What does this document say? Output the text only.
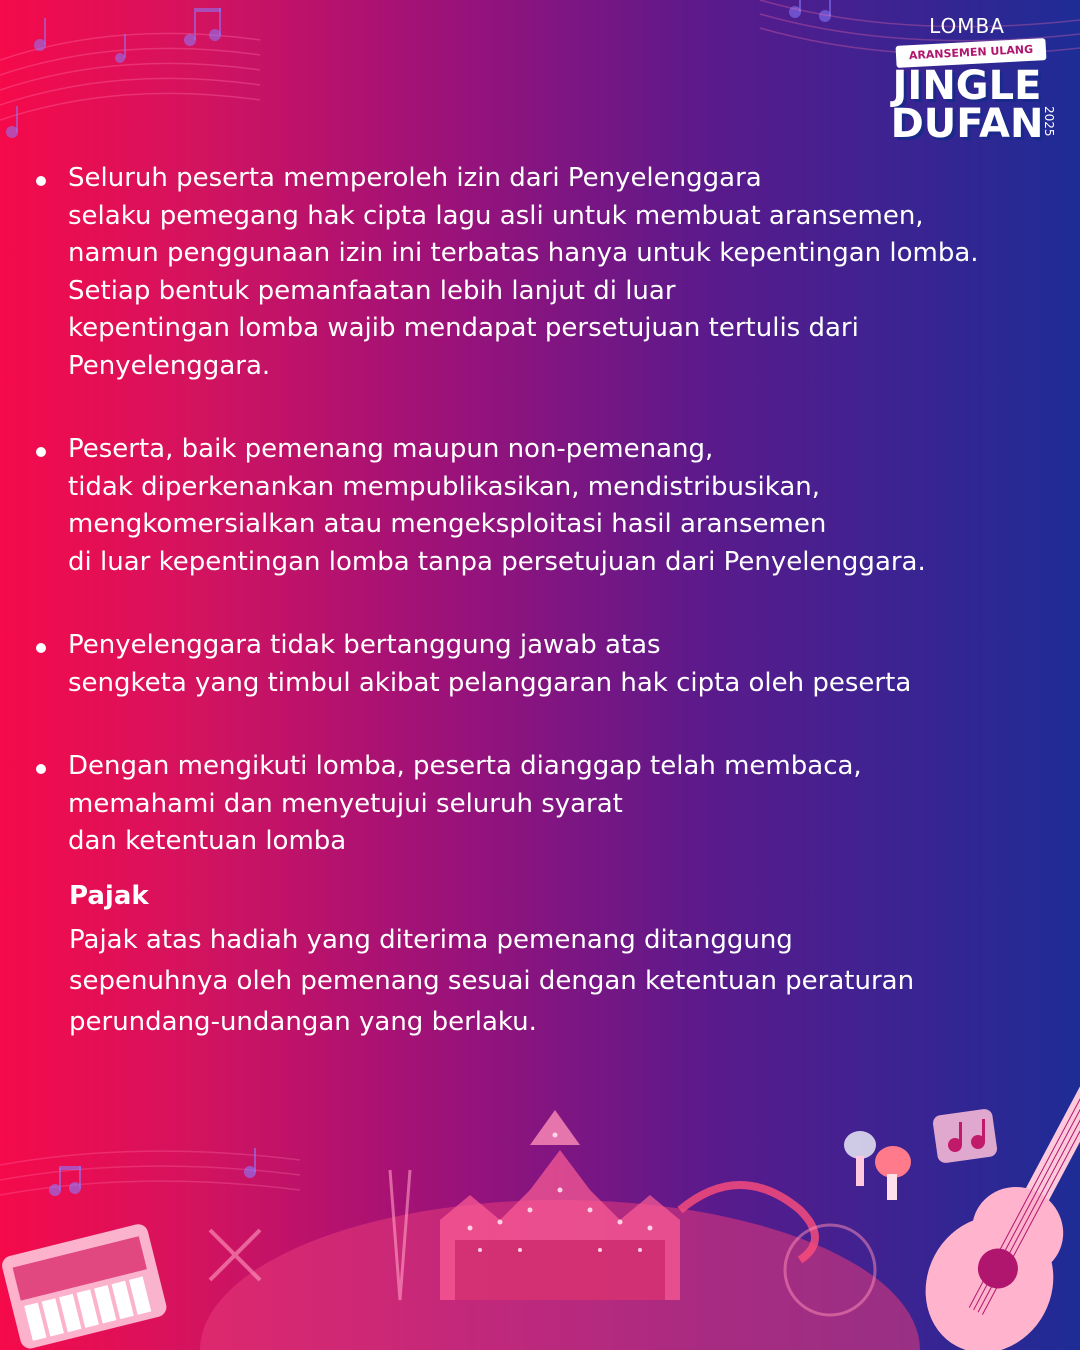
LOMBA
ARANSEMEN ULANG
JINGLE
DUFAN
2025

Seluruh peserta memperoleh izin dari Penyelenggara
selaku pemegang hak cipta lagu asli untuk membuat aransemen,
namun penggunaan izin ini terbatas hanya untuk kepentingan lomba.
Setiap bentuk pemanfaatan lebih lanjut di luar
kepentingan lomba wajib mendapat persetujuan tertulis dari
Penyelenggara.

Peserta, baik pemenang maupun non-pemenang,
tidak diperkenankan mempublikasikan, mendistribusikan,
mengkomersialkan atau mengeksploitasi hasil aransemen
di luar kepentingan lomba tanpa persetujuan dari Penyelenggara.

Penyelenggara tidak bertanggung jawab atas
sengketa yang timbul akibat pelanggaran hak cipta oleh peserta

Dengan mengikuti lomba, peserta dianggap telah membaca,
memahami dan menyetujui seluruh syarat
dan ketentuan lomba

Pajak

Pajak atas hadiah yang diterima pemenang ditanggung
sepenuhnya oleh pemenang sesuai dengan ketentuan peraturan
perundang-undangan yang berlaku.
